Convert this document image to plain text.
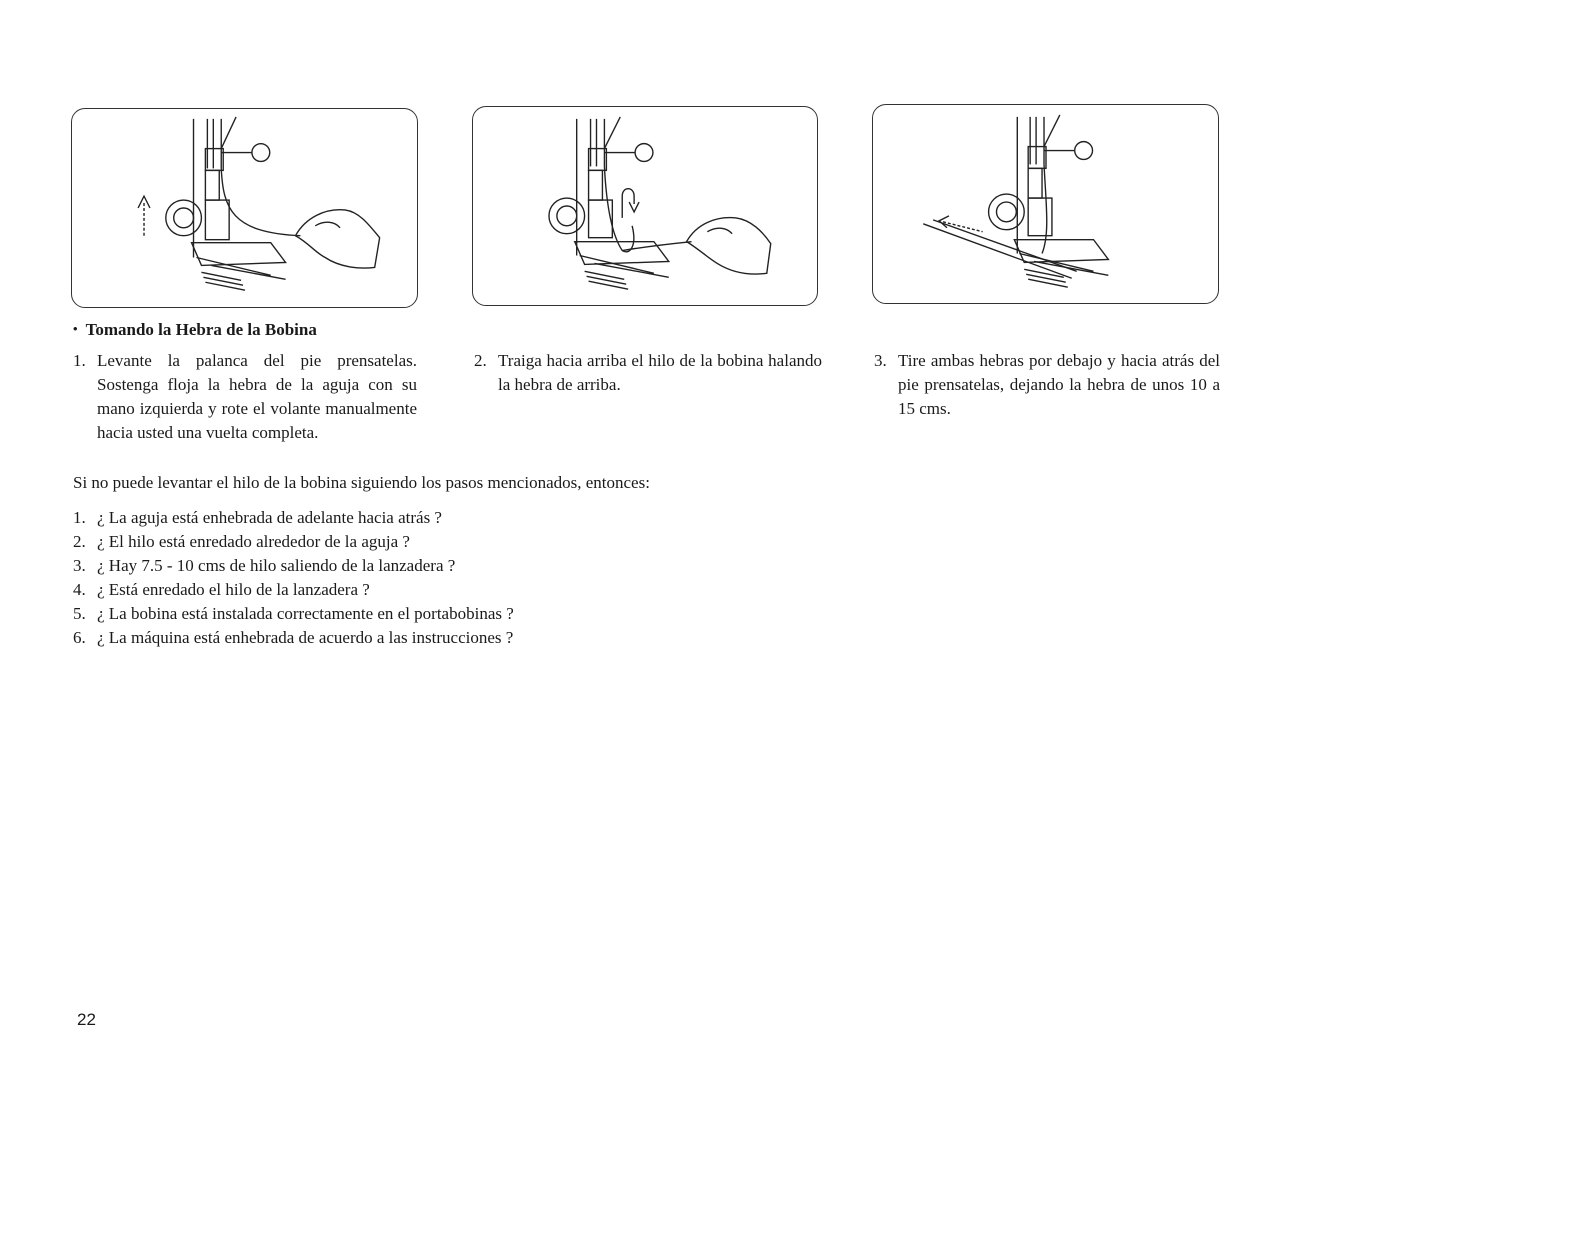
• Tomando la Hebra de la Bobina

1. Levante la palanca del pie prensatelas. Sostenga floja la hebra de la aguja con su mano izquierda y rote el volante manualmente hacia usted una vuelta completa.

2. Traiga hacia arriba el hilo de la bobina halando la hebra de arriba.

3. Tire ambas hebras por debajo y hacia atrás del pie prensatelas, dejando la hebra de unos 10 a 15 cms.

Si no puede levantar el hilo de la bobina siguiendo los pasos mencionados, entonces:

1. ¿ La aguja está enhebrada de adelante hacia atrás ?
2. ¿ El hilo está enredado alrededor de la aguja ?
3. ¿ Hay 7.5 - 10 cms de hilo saliendo de la lanzadera ?
4. ¿ Está enredado el hilo de la lanzadera ?
5. ¿ La bobina está instalada correctamente en el portabobinas ?
6. ¿ La máquina está enhebrada de acuerdo a las instrucciones ?

22
